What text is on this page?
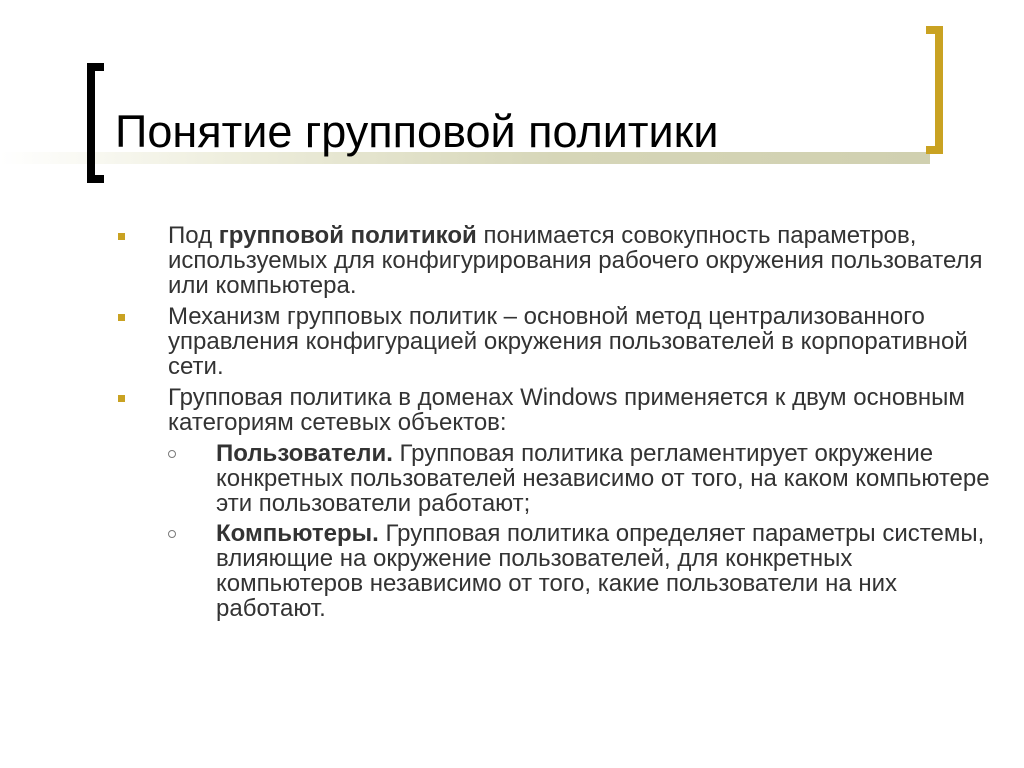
Понятие групповой политики
Под групповой политикой понимается совокупность параметров, используемых для конфигурирования рабочего окружения пользователя или компьютера.
Механизм групповых политик – основной метод централизованного управления конфигурацией окружения пользователей в корпоративной сети.
Групповая политика в доменах Windows применяется к двум основным категориям сетевых объектов:
Пользователи. Групповая политика регламентирует окружение конкретных пользователей независимо от того, на каком компьютере эти пользователи работают;
Компьютеры. Групповая политика определяет параметры системы, влияющие на окружение пользователей, для конкретных компьютеров независимо от того, какие пользователи на них работают.
